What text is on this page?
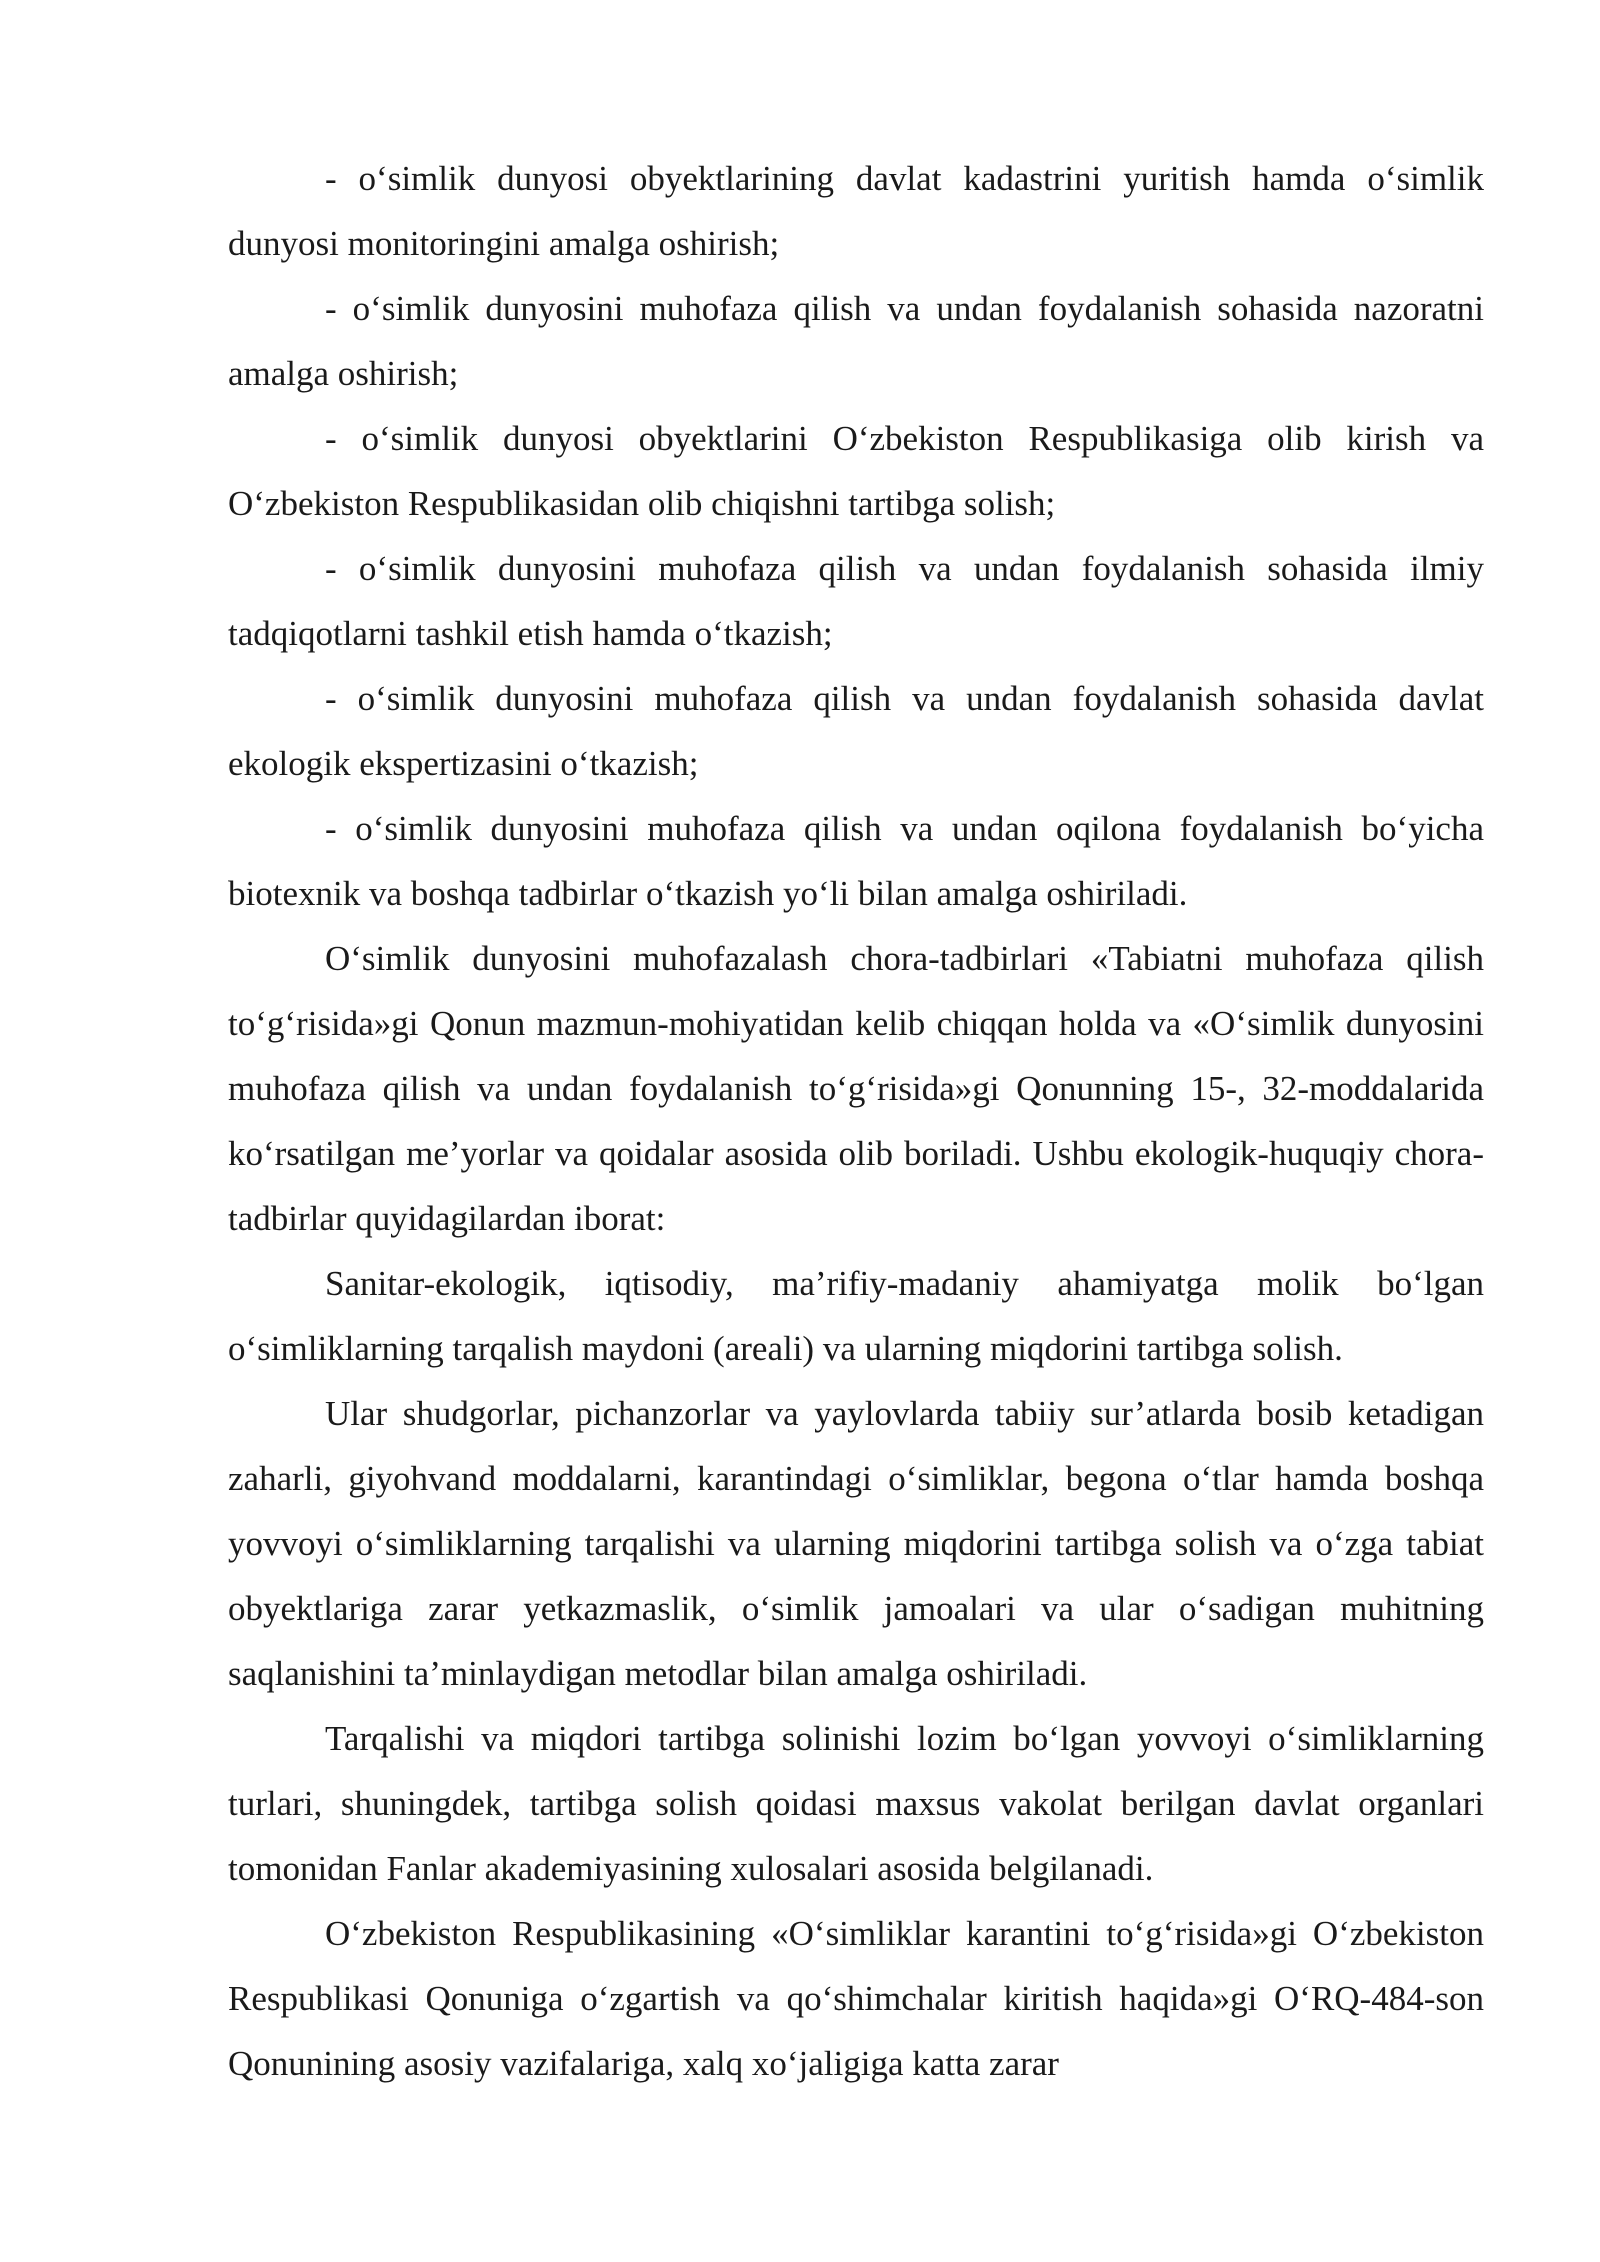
- o‘simlik dunyosi obyektlarining davlat kadastrini yuritish hamda o‘simlik dunyosi monitoringini amalga oshirish;

- o‘simlik dunyosini muhofaza qilish va undan foydalanish sohasida nazoratni amalga oshirish;

- o‘simlik dunyosi obyektlarini O‘zbekiston Respublikasiga olib kirish va O‘zbekiston Respublikasidan olib chiqishni tartibga solish;

- o‘simlik dunyosini muhofaza qilish va undan foydalanish sohasida ilmiy tadqiqotlarni tashkil etish hamda o‘tkazish;

- o‘simlik dunyosini muhofaza qilish va undan foydalanish sohasida davlat ekologik ekspertizasini o‘tkazish;

- o‘simlik dunyosini muhofaza qilish va undan oqilona foydalanish bo‘yicha biotexnik va boshqa tadbirlar o‘tkazish yo‘li bilan amalga oshiriladi.

O‘simlik dunyosini muhofazalash chora-tadbirlari «Tabiatni muhofaza qilish to‘g‘risida»gi Qonun mazmun-mohiyatidan kelib chiqqan holda va «O‘simlik dunyosini muhofaza qilish va undan foydalanish to‘g‘risida»gi Qonunning 15-, 32-moddalarida ko‘rsatilgan me’yorlar va qoidalar asosida olib boriladi. Ushbu ekologik-huquqiy chora-tadbirlar quyidagilardan iborat:

Sanitar-ekologik, iqtisodiy, ma’rifiy-madaniy ahamiyatga molik bo‘lgan o‘simliklarning tarqalish maydoni (areali) va ularning miqdorini tartibga solish.

Ular shudgorlar, pichanzorlar va yaylovlarda tabiiy sur’atlarda bosib ketadigan zaharli, giyohvand moddalarni, karantindagi o‘simliklar, begona o‘tlar hamda boshqa yovvoyi o‘simliklarning tarqalishi va ularning miqdorini tartibga solish va o‘zga tabiat obyektlariga zarar yetkazmaslik, o‘simlik jamoalari va ular o‘sadigan muhitning saqlanishini ta’minlaydigan metodlar bilan amalga oshiriladi.

Tarqalishi va miqdori tartibga solinishi lozim bo‘lgan yovvoyi o‘simliklarning turlari, shuningdek, tartibga solish qoidasi maxsus vakolat berilgan davlat organlari tomonidan Fanlar akademiyasining xulosalari asosida belgilanadi.

O‘zbekiston Respublikasining «O‘simliklar karantini to‘g‘risida»gi O‘zbekiston Respublikasi Qonuniga o‘zgartish va qo‘shimchalar kiritish haqida»gi O‘RQ-484-son Qonunining asosiy vazifalariga, xalq xo‘jaligiga katta zarar
